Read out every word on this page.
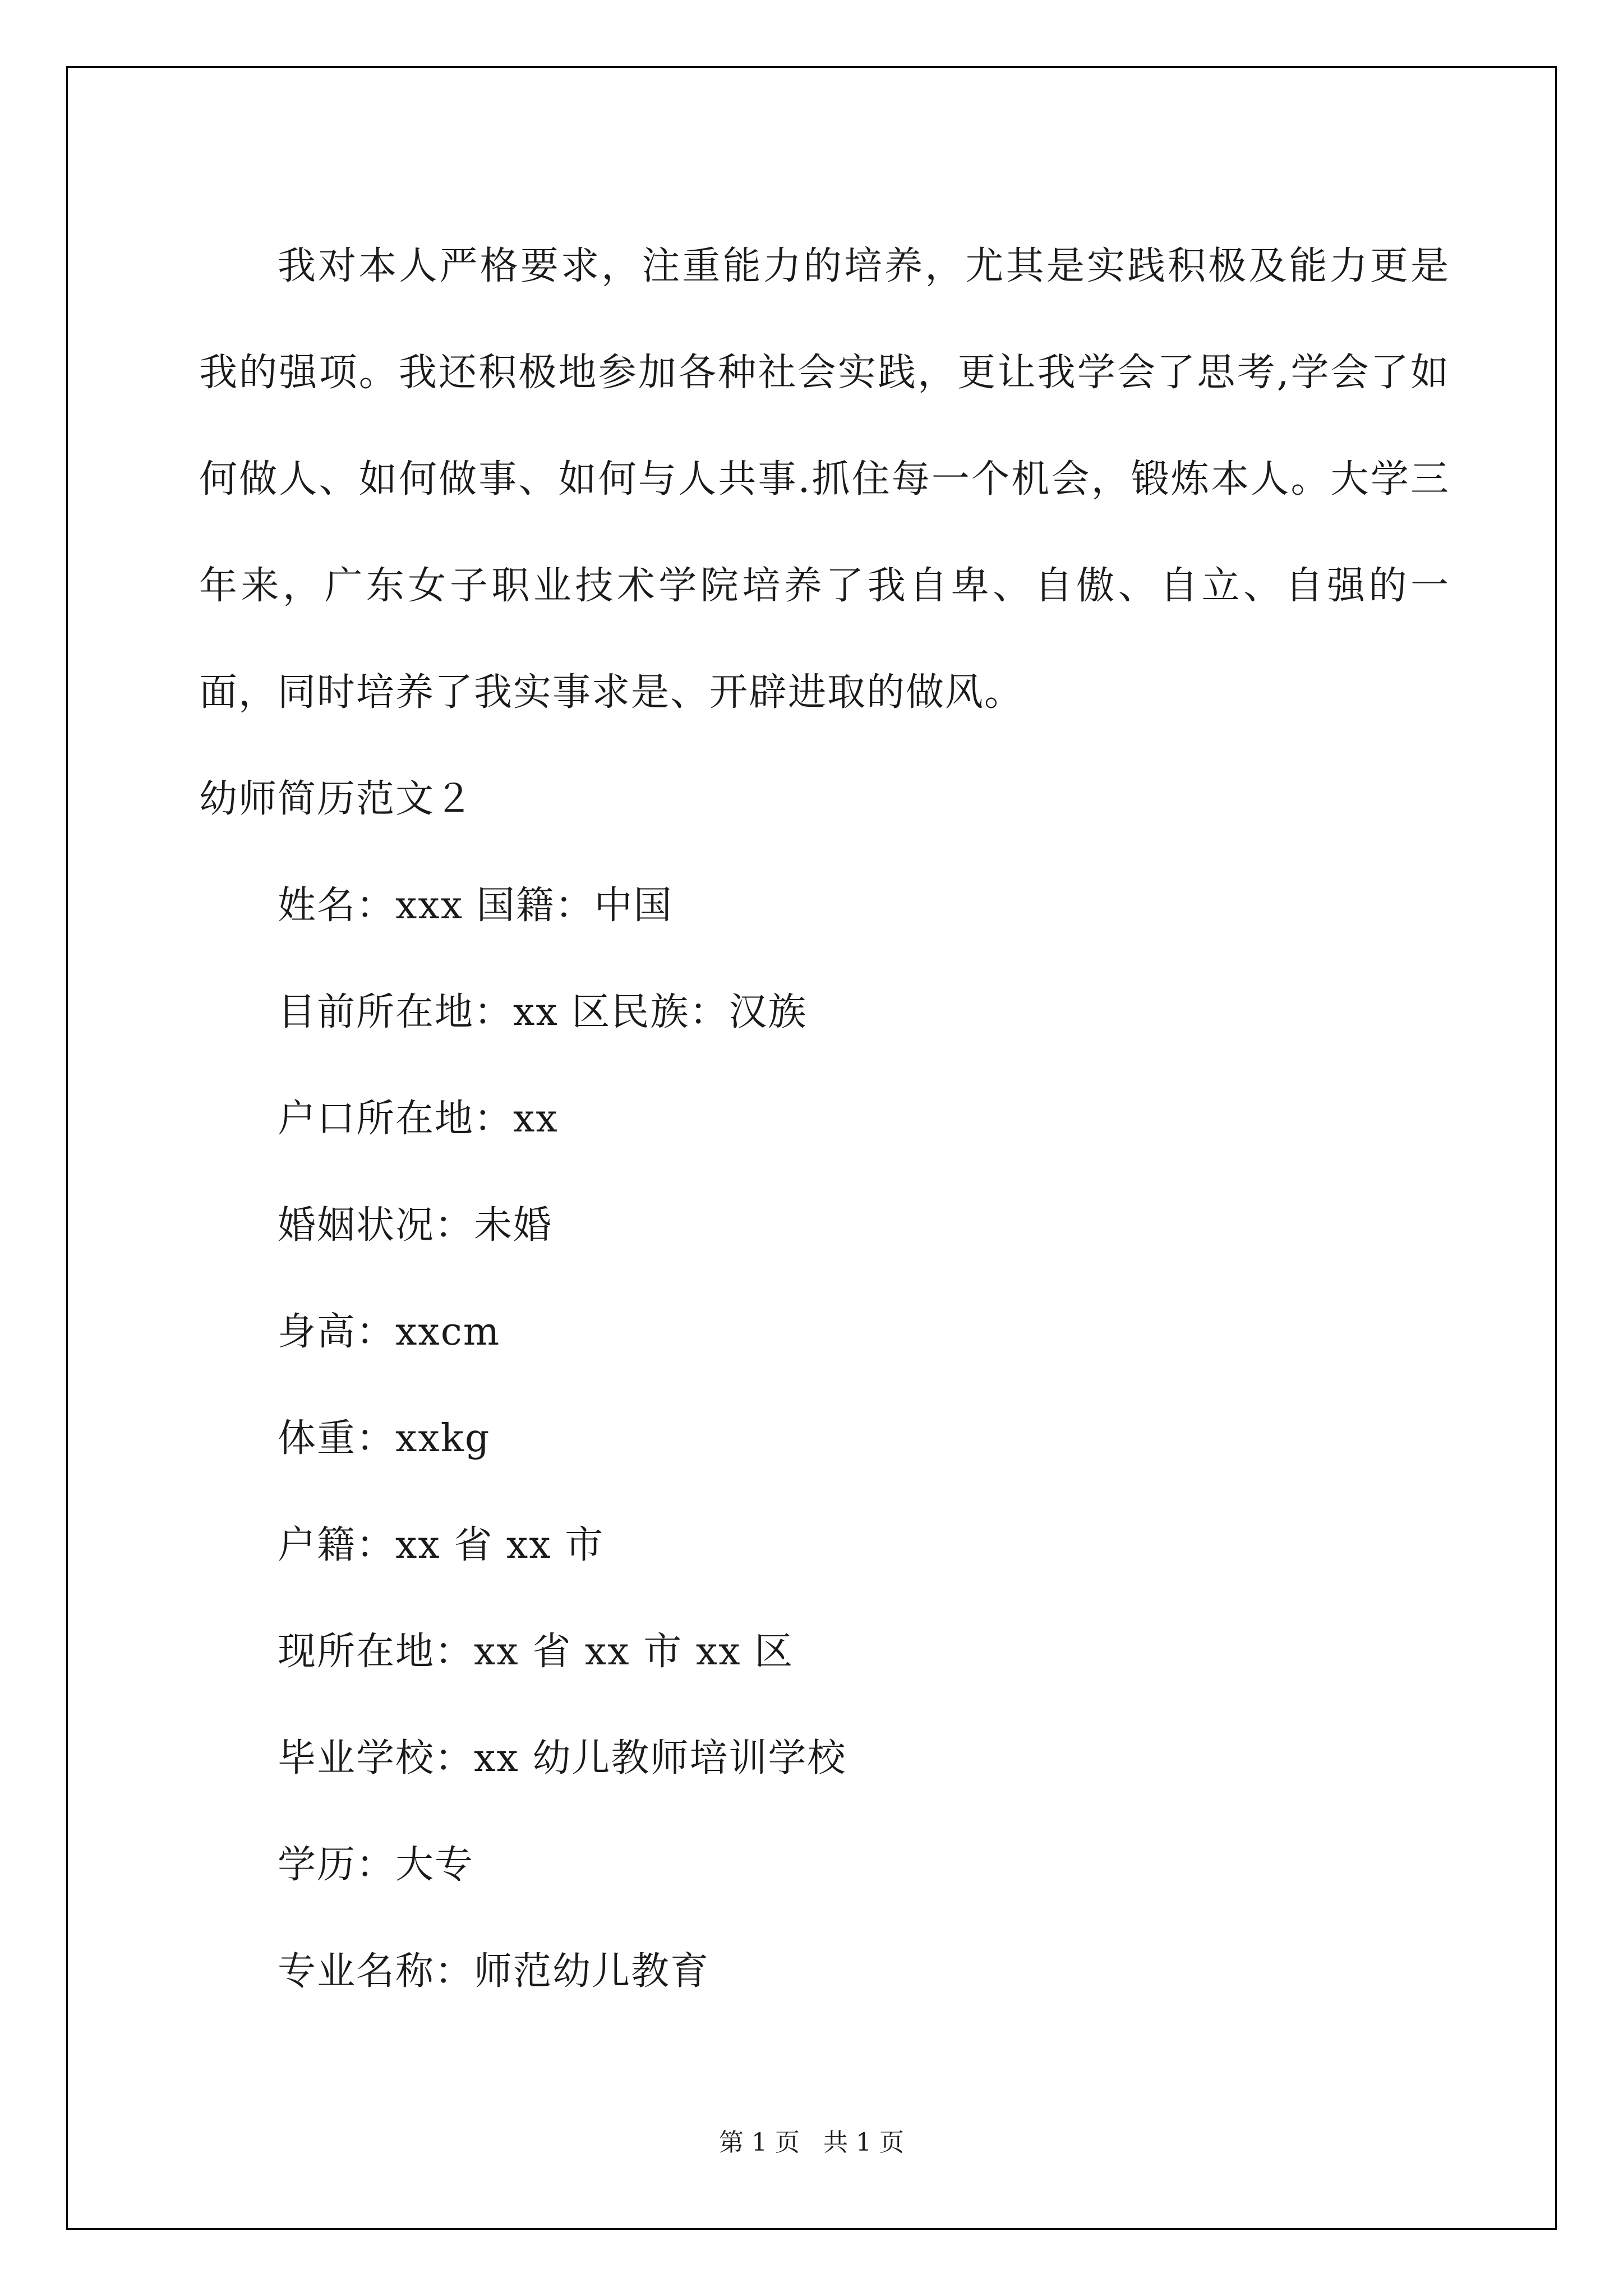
我对本人严格要求，注重能力的培养，尤其是实践积极及能力更是我的强项。我还积极地参加各种社会实践，更让我学会了思考,学会了如何做人、如何做事、如何与人共事.抓住每一个机会，锻炼本人。大学三年来，广东女子职业技术学院培养了我自卑、自傲、自立、自强的一面，同时培养了我实事求是、开辟进取的做风。

幼师简历范文２
姓名：xxx 国籍：中国
目前所在地：xx 区民族：汉族
户口所在地：xx
婚姻状况：未婚
身高：xxcm
体重：xxkg
户籍：xx 省 xx 市
现所在地：xx 省 xx 市 xx 区
毕业学校：xx 幼儿教师培训学校
学历：大专
专业名称：师范幼儿教育
第 1 页   共 1 页
